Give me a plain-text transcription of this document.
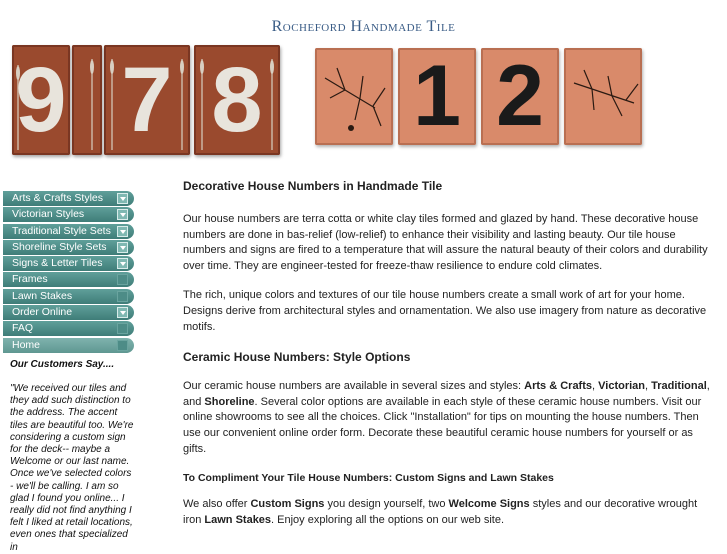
Rocheford Handmade Tile
9 7 8 1 2
Arts & Crafts Styles
Victorian Styles
Traditional Style Sets
Shoreline Style Sets
Signs & Letter Tiles
Frames
Lawn Stakes
Order Online
FAQ
Home
Our Customers Say....
"We received our tiles and they add such distinction to the address. The accent tiles are beautiful too. We're considering a custom sign for the deck-- maybe a Welcome or our last name. Once we've selected colors - we'll be calling. I am so glad I found you online... I really did not find anything I felt I liked at retail locations, even ones that specialized in
Decorative House Numbers in Handmade Tile

Our house numbers are terra cotta or white clay tiles formed and glazed by hand. These decorative house numbers are done in bas-relief (low-relief) to enhance their visibility and lasting beauty. Our tile house numbers and signs are fired to a temperature that will assure the natural beauty of their colors and durability over time. They are engineer-tested for freeze-thaw resilience to endure cold climates.

The rich, unique colors and textures of our tile house numbers create a small work of art for your home. Designs derive from architectural styles and ornamentation. We also use imagery from nature as decorative motifs.

Ceramic House Numbers: Style Options

Our ceramic house numbers are available in several sizes and styles: Arts & Crafts, Victorian, Traditional, and Shoreline. Several color options are available in each style of these ceramic house numbers. Visit our online showrooms to see all the choices. Click "Installation" for tips on mounting the house numbers. Then use our convenient online order form. Decorate these beautiful ceramic house numbers for yourself or as gifts.

To Compliment Your Tile House Numbers: Custom Signs and Lawn Stakes

We also offer Custom Signs you design yourself, two Welcome Signs styles and our decorative wrought iron Lawn Stakes. Enjoy exploring all the options on our web site.
